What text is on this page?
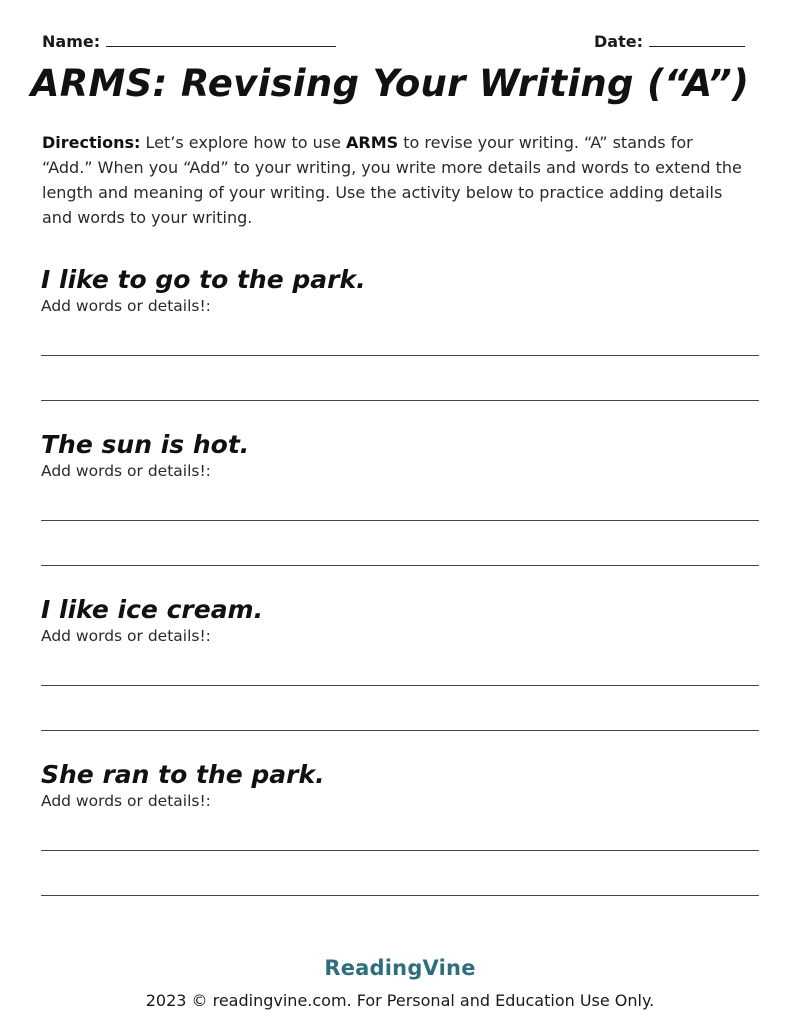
Name:	Date:
ARMS: Revising Your Writing (“A”)
Directions: Let’s explore how to use ARMS to revise your writing. “A” stands for “Add.” When you “Add” to your writing, you write more details and words to extend the length and meaning of your writing. Use the activity below to practice adding details and words to your writing.
I like to go to the park.
Add words or details!:
The sun is hot.
Add words or details!:
I like ice cream.
Add words or details!:
She ran to the park.
Add words or details!:
ReadingVine
2023 © readingvine.com. For Personal and Education Use Only.
